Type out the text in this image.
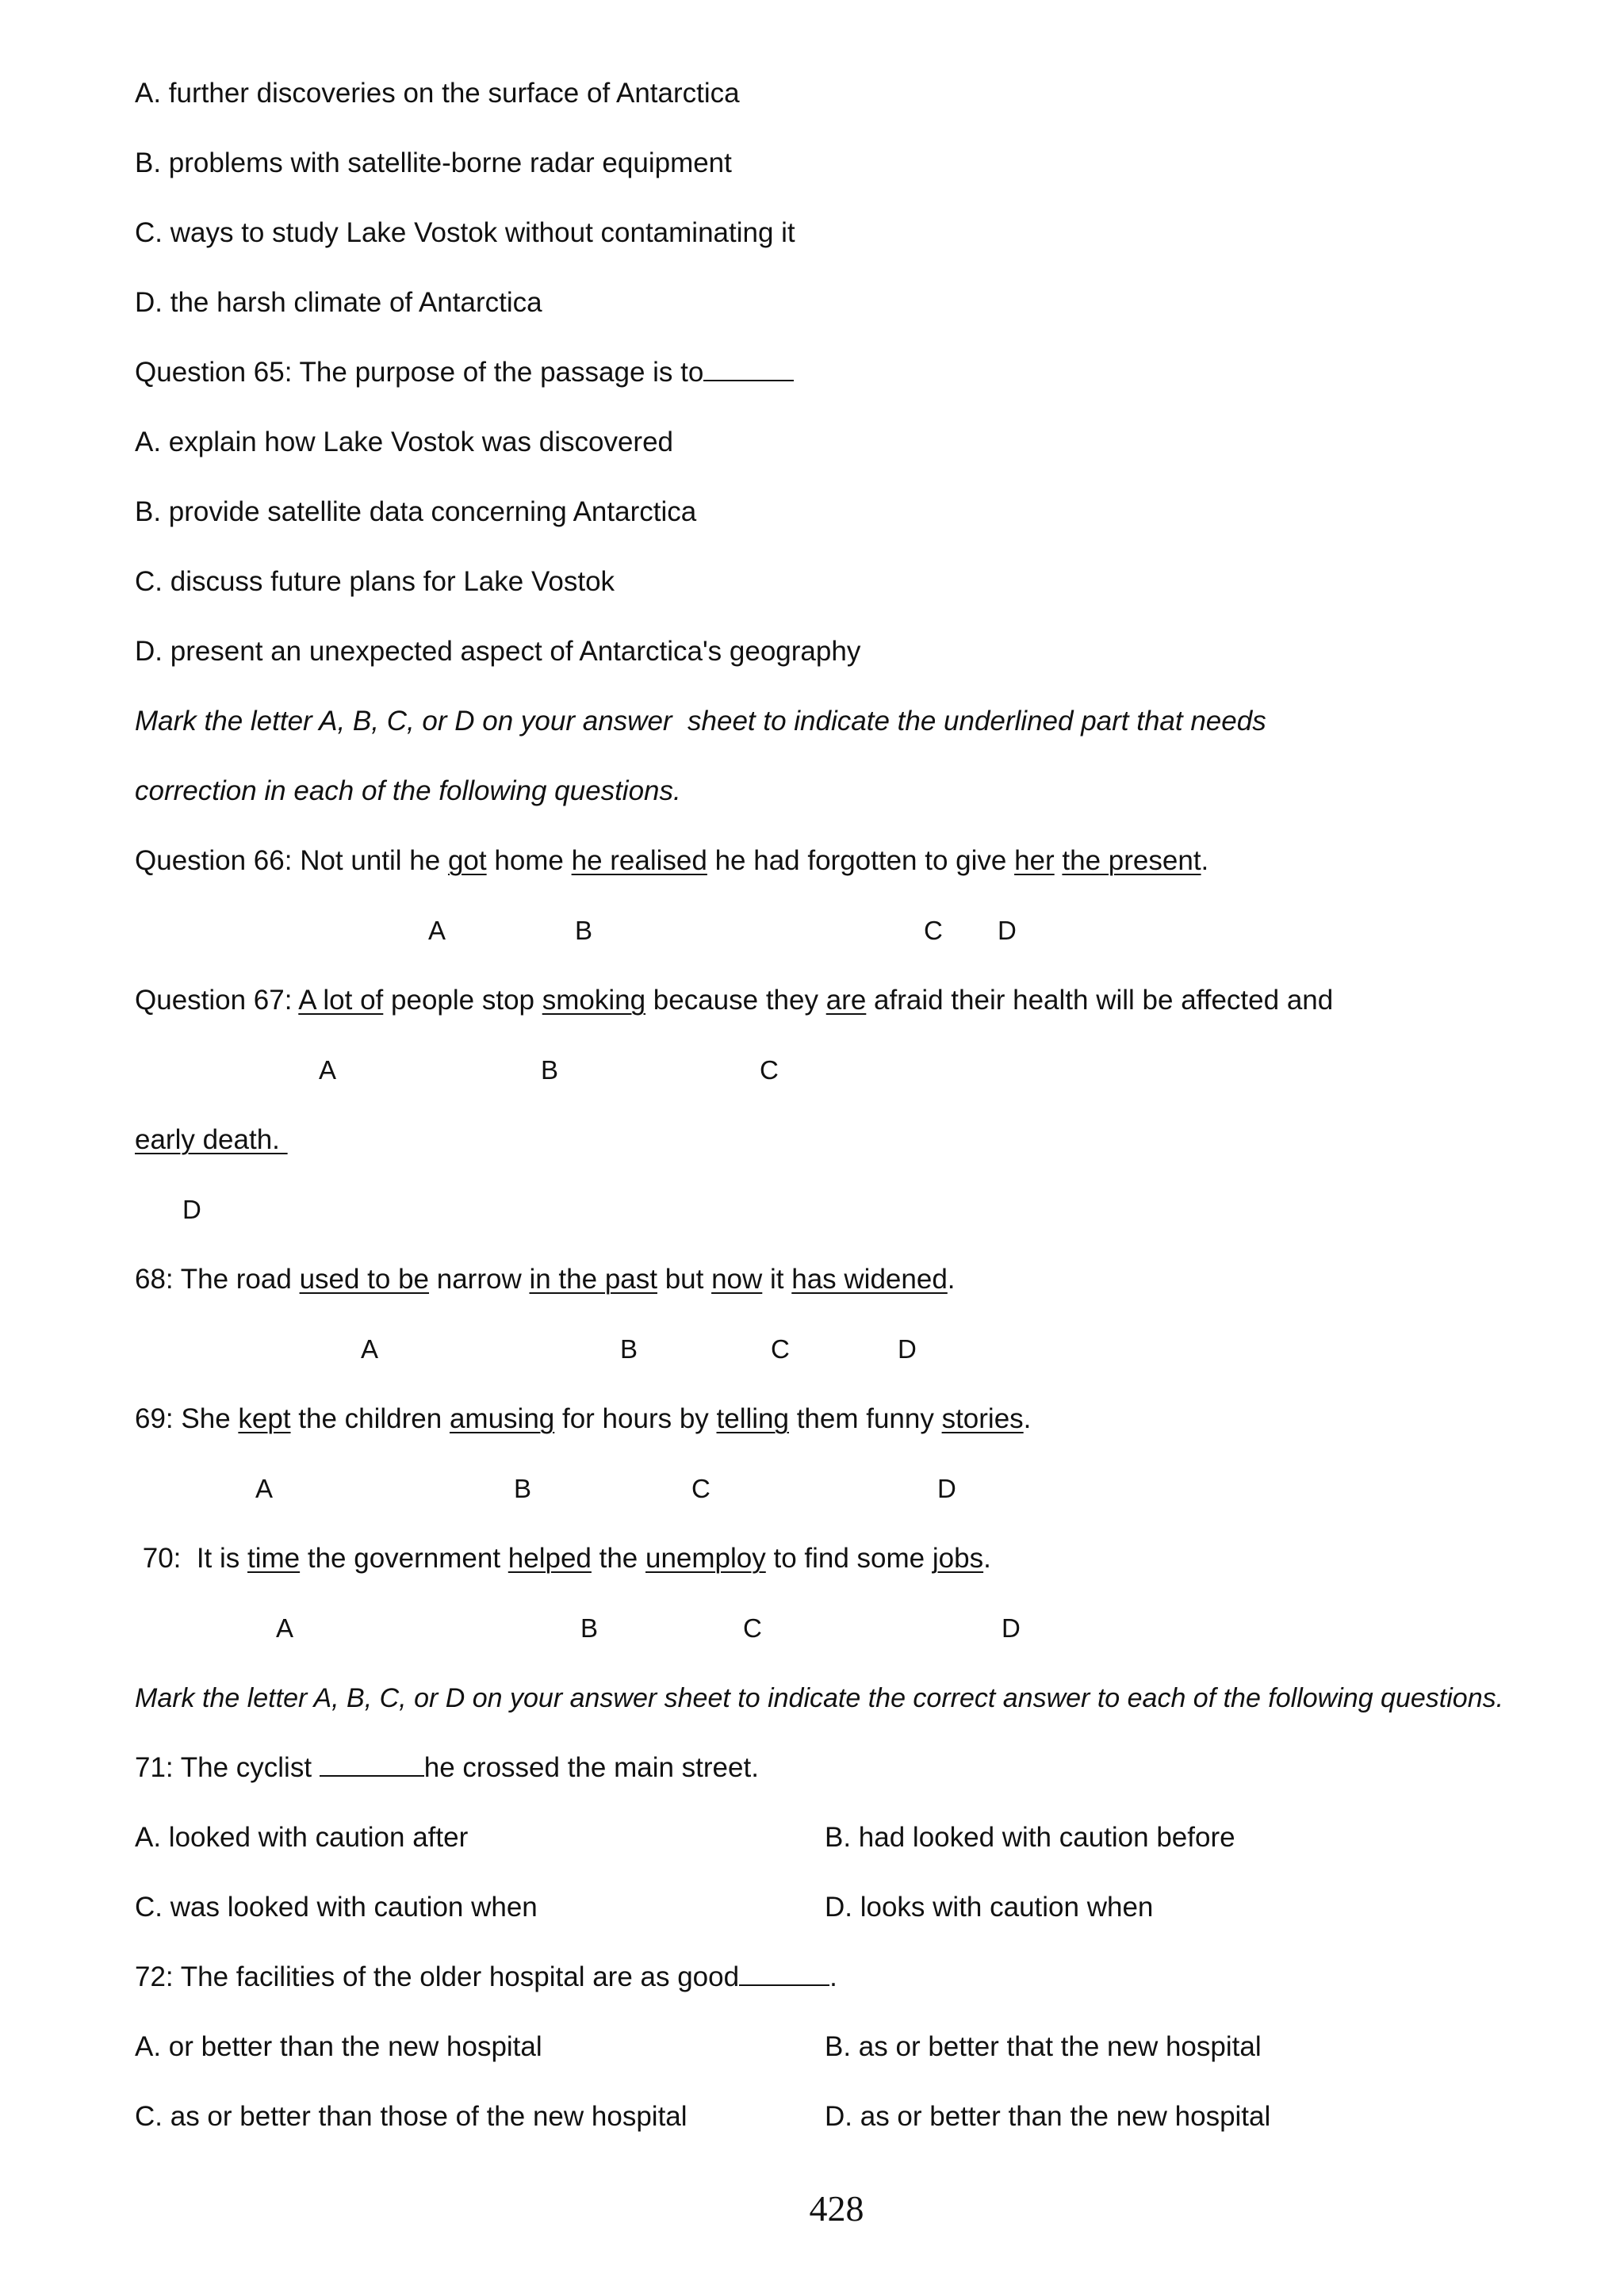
A. further discoveries on the surface of Antarctica
B. problems with satellite-borne radar equipment
C. ways to study Lake Vostok without contaminating it
D. the harsh climate of Antarctica
Question 65: The purpose of the passage is to
A. explain how Lake Vostok was discovered
B. provide satellite data concerning Antarctica
C. discuss future plans for Lake Vostok
D. present an unexpected aspect of Antarctica's geography
Mark the letter A, B, C, or D on your answer  sheet to indicate the underlined part that needs
correction in each of the following questions.
Question 66: Not until he got home he realised he had forgotten to give her the present.
A	B	C D
Question 67: A lot of people stop smoking because they are afraid their health will be affected and
A	B	C
early death.
D
68: The road used to be narrow in the past but now it has widened.
A	B	C	D
69: She kept the children amusing for hours by telling them funny stories.
A	B	C	D
70:  It is time the government helped the unemploy to find some jobs.
A	B	C	D
Mark the letter A, B, C, or D on your answer sheet to indicate the correct answer to each of the following questions.
71: The cyclist	he crossed the main street.
A. looked with caution after	B. had looked with caution before
C. was looked with caution when	D. looks with caution when
72: The facilities of the older hospital are as good	.
A. or better than the new hospital	B. as or better that the new hospital
C. as or better than those of the new hospital	D. as or better than the new hospital
428
